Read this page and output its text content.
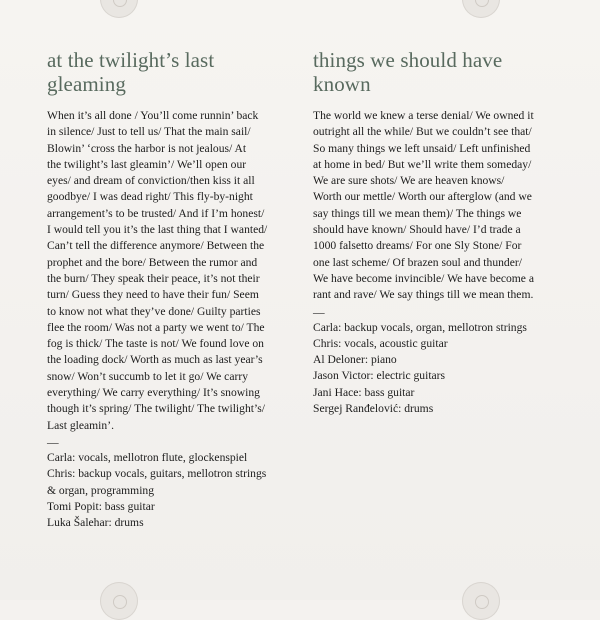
at the twilight’s last
gleaming

When it’s all done / You’ll come runnin’ back
in silence/ Just to tell us/ That the main sail/
Blowin’ ‘cross the harbor is not jealous/ At
the twilight’s last gleamin’/ We’ll open our
eyes/ and dream of conviction/then kiss it all
goodbye/ I was dead right/ This fly-by-night
arrangement’s to be trusted/ And if I’m honest/
I would tell you it’s the last thing that I wanted/
Can’t tell the difference anymore/ Between the
prophet and the bore/ Between the rumor and
the burn/ They speak their peace, it’s not their
turn/ Guess they need to have their fun/ Seem
to know not what they’ve done/ Guilty parties
flee the room/ Was not a party we went to/ The
fog is thick/ The taste is not/ We found love on
the loading dock/ Worth as much as last year’s
snow/ Won’t succumb to let it go/ We carry
everything/ We carry everything/ It’s snowing
though it’s spring/ The twilight/ The twilight’s/
Last gleamin’.

—

Carla: vocals, mellotron flute, glockenspiel
Chris: backup vocals, guitars, mellotron strings
& organ, programming
Tomi Popit: bass guitar
Luka Šalehar: drums
things we should have
known

The world we knew a terse denial/ We owned it
outright all the while/ But we couldn’t see that/
So many things we left unsaid/ Left unfinished
at home in bed/ But we’ll write them someday/
We are sure shots/ We are heaven knows/
Worth our mettle/ Worth our afterglow (and we
say things till we mean them)/ The things we
should have known/ Should have/ I’d trade a
1000 falsetto dreams/ For one Sly Stone/ For
one last scheme/ Of brazen soul and thunder/
We have become invincible/ We have become a
rant and rave/ We say things till we mean them.

—

Carla: backup vocals, organ, mellotron strings
Chris: vocals, acoustic guitar
Al Deloner: piano
Jason Victor: electric guitars
Jani Hace: bass guitar
Sergej Ranđelović: drums
